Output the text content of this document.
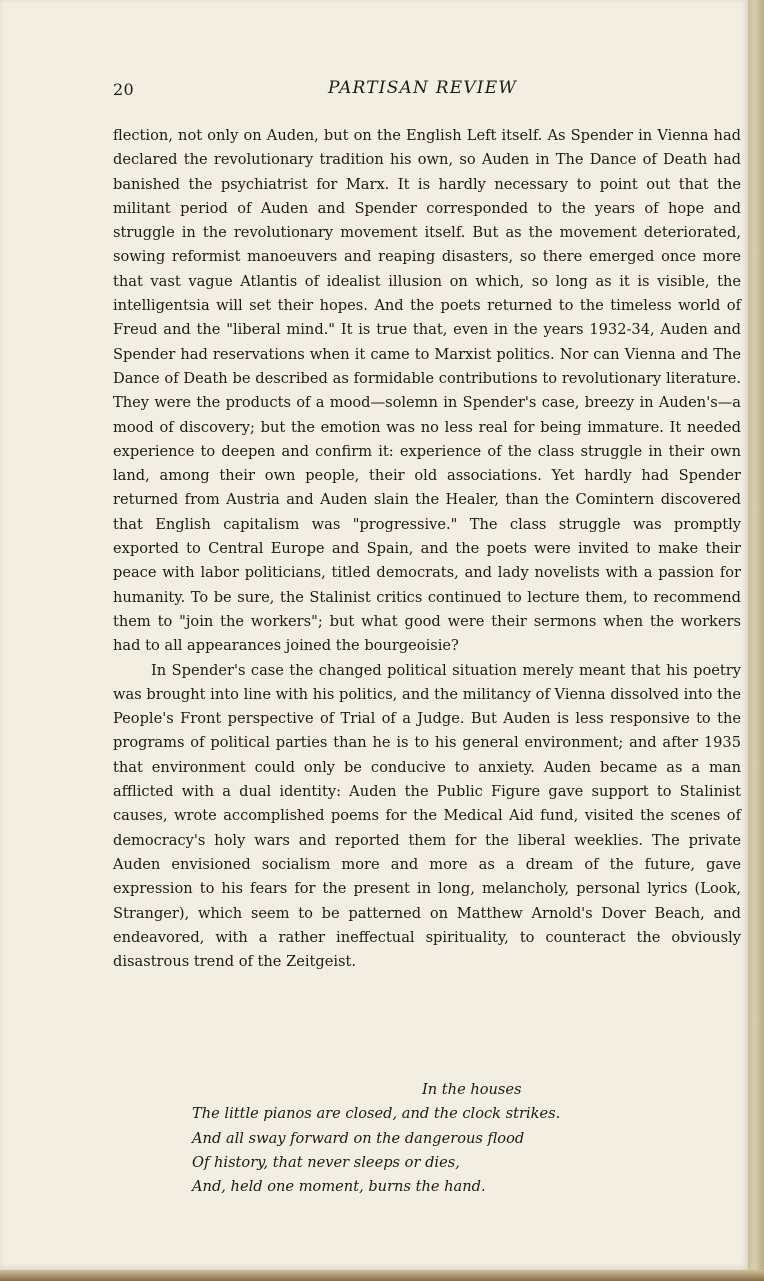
20	PARTISAN REVIEW

flection, not only on Auden, but on the English Left itself. As Spender in Vienna had declared the revolutionary tradition his own, so Auden in The Dance of Death had banished the psychiatrist for Marx. It is hardly necessary to point out that the militant period of Auden and Spender corresponded to the years of hope and struggle in the revolutionary movement itself. But as the movement deteriorated, sowing reformist manoeuvers and reaping disasters, so there emerged once more that vast vague Atlantis of idealist illusion on which, so long as it is visible, the intelligentsia will set their hopes. And the poets returned to the timeless world of Freud and the "liberal mind." It is true that, even in the years 1932-34, Auden and Spender had reservations when it came to Marxist politics. Nor can Vienna and The Dance of Death be described as formidable contributions to revolutionary literature. They were the products of a mood—solemn in Spender's case, breezy in Auden's—a mood of discovery; but the emotion was no less real for being immature. It needed experience to deepen and confirm it: experience of the class struggle in their own land, among their own people, their old associations. Yet hardly had Spender returned from Austria and Auden slain the Healer, than the Comintern discovered that English capitalism was "progressive." The class struggle was promptly exported to Central Europe and Spain, and the poets were invited to make their peace with labor politicians, titled democrats, and lady novelists with a passion for humanity. To be sure, the Stalinist critics continued to lecture them, to recommend them to "join the workers"; but what good were their sermons when the workers had to all appearances joined the bourgeoisie?

In Spender's case the changed political situation merely meant that his poetry was brought into line with his politics, and the militancy of Vienna dissolved into the People's Front perspective of Trial of a Judge. But Auden is less responsive to the programs of political parties than he is to his general environment; and after 1935 that environment could only be conducive to anxiety. Auden became as a man afflicted with a dual identity: Auden the Public Figure gave support to Stalinist causes, wrote accomplished poems for the Medical Aid fund, visited the scenes of democracy's holy wars and reported them for the liberal weeklies. The private Auden envisioned socialism more and more as a dream of the future, gave expression to his fears for the present in long, melancholy, personal lyrics (Look, Stranger), which seem to be patterned on Matthew Arnold's Dover Beach, and endeavored, with a rather ineffectual spirituality, to counteract the obviously disastrous trend of the Zeitgeist.

In the houses
The little pianos are closed, and the clock strikes.
And all sway forward on the dangerous flood
Of history, that never sleeps or dies,
And, held one moment, burns the hand.
